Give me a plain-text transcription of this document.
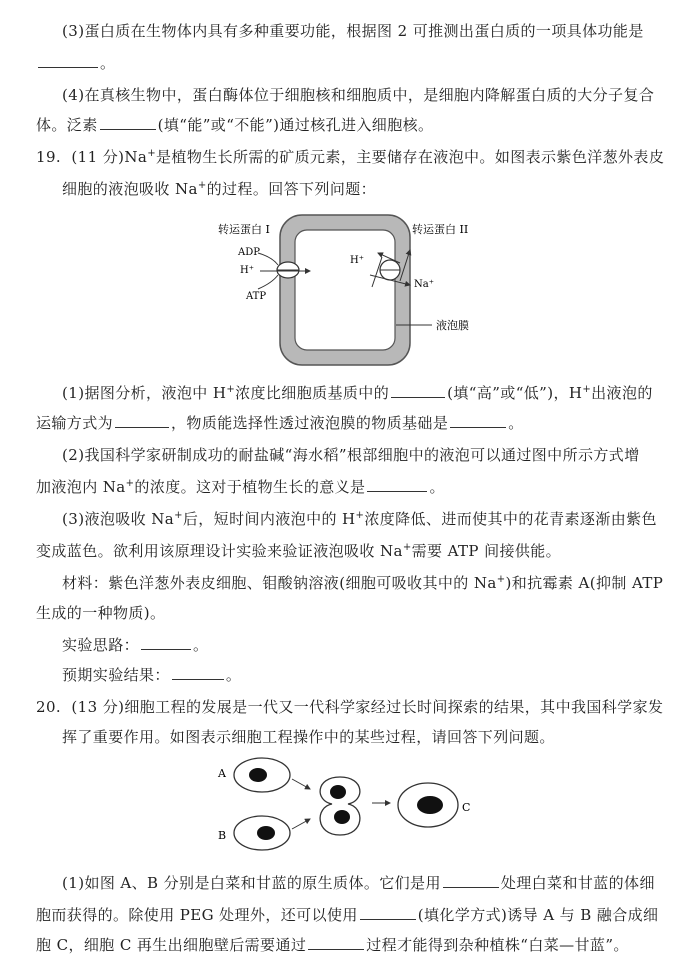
(3)蛋白质在生物体内具有多种重要功能，根据图 2 可推测出蛋白质的一项具体功能是
。
(4)在真核生物中，蛋白酶体位于细胞核和细胞质中，是细胞内降解蛋白质的大分子复合
体。泛素	(填“能”或“不能”)通过核孔进入细胞核。
19. (11 分)Na+是植物生长所需的矿质元素，主要储存在液泡中。如图表示紫色洋葱外表皮
细胞的液泡吸收 Na+的过程。回答下列问题：
转运蛋白 I	转运蛋白 II
ADP
H⁺
ATP
H⁺
Na⁺
液泡膜
(1)据图分析，液泡中 H+浓度比细胞质基质中的	(填“高”或“低”)，H+出液泡的
运输方式为	，物质能选择性透过液泡膜的物质基础是	。
(2)我国科学家研制成功的耐盐碱“海水稻”根部细胞中的液泡可以通过图中所示方式增
加液泡内 Na+的浓度。这对于植物生长的意义是	。
(3)液泡吸收 Na+后，短时间内液泡中的 H+浓度降低、进而使其中的花青素逐渐由紫色
变成蓝色。欲利用该原理设计实验来验证液泡吸收 Na+需要 ATP 间接供能。
材料：紫色洋葱外表皮细胞、钼酸钠溶液(细胞可吸收其中的 Na+)和抗霉素 A(抑制 ATP
生成的一种物质)。
实验思路：	。
预期实验结果：	。
20. (13 分)细胞工程的发展是一代又一代科学家经过长时间探索的结果，其中我国科学家发
挥了重要作用。如图表示细胞工程操作中的某些过程，请回答下列问题。
A
B
C
(1)如图 A、B 分别是白菜和甘蓝的原生质体。它们是用	处理白菜和甘蓝的体细
胞而获得的。除使用 PEG 处理外，还可以使用	(填化学方式)诱导 A 与 B 融合成细
胞 C，细胞 C 再生出细胞壁后需要通过	过程才能得到杂种植株“白菜—甘蓝”。
